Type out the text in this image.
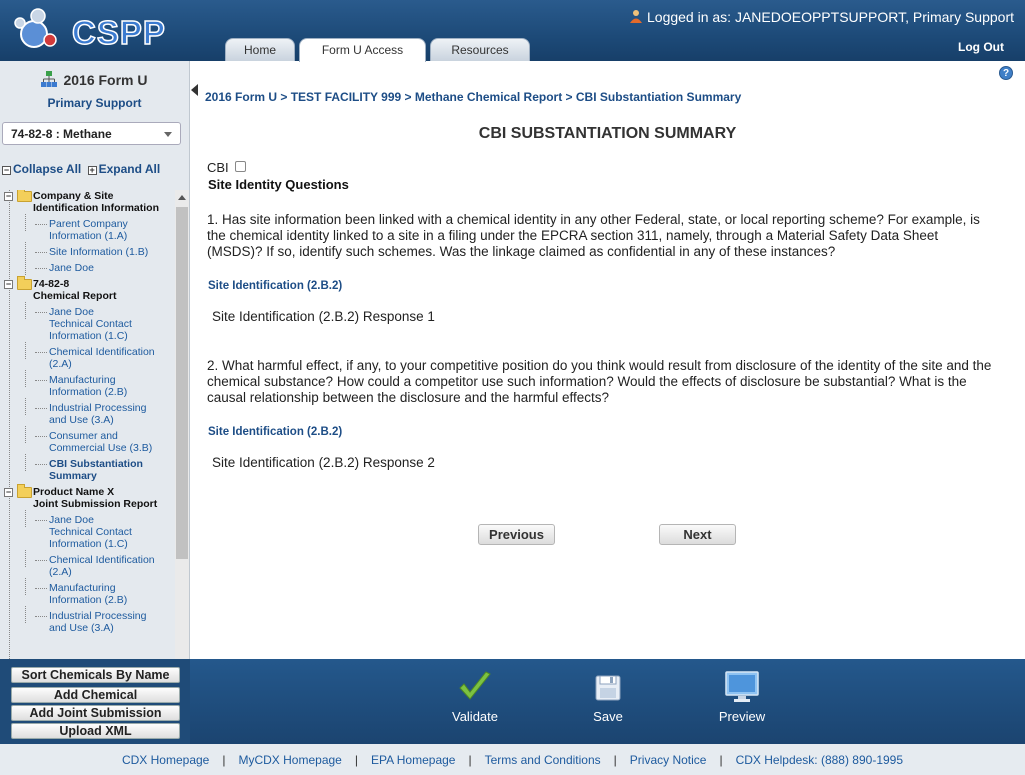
CSPP	Logged in as: JANEDOEOPPTSUPPORT, Primary Support
Log Out
Home	Form U Access	Resources
2016 Form U
Primary Support
74-82-8 : Methane
− Collapse All + Expand All
− Company & Site
Identification Information
Parent Company
Information (1.A)
Site Information (1.B)
Jane Doe
− 74-82-8
Chemical Report
Jane Doe
Technical Contact
Information (1.C)
Chemical Identification
(2.A)
Manufacturing
Information (2.B)
Industrial Processing
and Use (3.A)
Consumer and
Commercial Use (3.B)
CBI Substantiation
Summary
− Product Name X
Joint Submission Report
Jane Doe
Technical Contact
Information (1.C)
Chemical Identification
(2.A)
Manufacturing
Information (2.B)
Industrial Processing
and Use (3.A)
?
2016 Form U > TEST FACILITY 999 > Methane Chemical Report > CBI Substantiation Summary
CBI SUBSTANTIATION SUMMARY
CBI
Site Identity Questions
1. Has site information been linked with a chemical identity in any other Federal, state, or local reporting scheme? For example, is the chemical identity linked to a site in a filing under the EPCRA section 311, namely, through a Material Safety Data Sheet (MSDS)? If so, identify such schemes. Was the linkage claimed as confidential in any of these instances?
Site Identification (2.B.2)
Site Identification (2.B.2) Response 1
2. What harmful effect, if any, to your competitive position do you think would result from disclosure of the identity of the site and the chemical substance? How could a competitor use such information? Would the effects of disclosure be substantial? What is the causal relationship between the disclosure and the harmful effects?
Site Identification (2.B.2)
Site Identification (2.B.2) Response 2
Previous	Next
Sort Chemicals By Name
Add Chemical
Add Joint Submission
Upload XML
Validate	Save	Preview
CDX Homepage | MyCDX Homepage | EPA Homepage | Terms and Conditions | Privacy Notice | CDX Helpdesk: (888) 890-1995
